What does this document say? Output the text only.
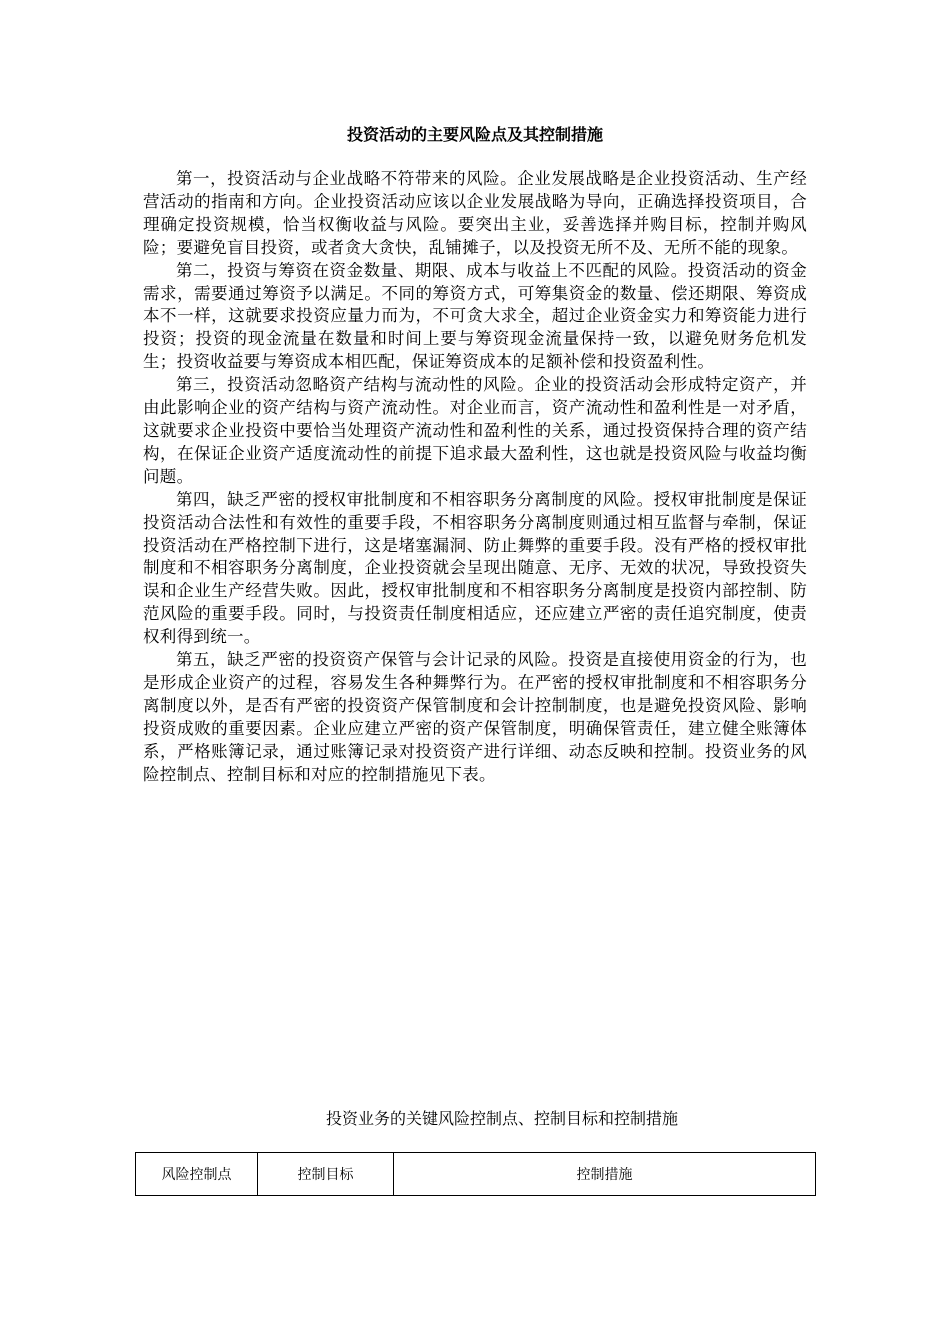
投资活动的主要风险点及其控制措施

第一，投资活动与企业战略不符带来的风险。企业发展战略是企业投资活动、生产经营活动的指南和方向。企业投资活动应该以企业发展战略为导向，正确选择投资项目，合理确定投资规模，恰当权衡收益与风险。要突出主业，妥善选择并购目标，控制并购风险；要避免盲目投资，或者贪大贪快，乱铺摊子，以及投资无所不及、无所不能的现象。

第二，投资与筹资在资金数量、期限、成本与收益上不匹配的风险。投资活动的资金需求，需要通过筹资予以满足。不同的筹资方式，可筹集资金的数量、偿还期限、筹资成本不一样，这就要求投资应量力而为，不可贪大求全，超过企业资金实力和筹资能力进行投资；投资的现金流量在数量和时间上要与筹资现金流量保持一致，以避免财务危机发生；投资收益要与筹资成本相匹配，保证筹资成本的足额补偿和投资盈利性。

第三，投资活动忽略资产结构与流动性的风险。企业的投资活动会形成特定资产，并由此影响企业的资产结构与资产流动性。对企业而言，资产流动性和盈利性是一对矛盾，这就要求企业投资中要恰当处理资产流动性和盈利性的关系，通过投资保持合理的资产结构，在保证企业资产适度流动性的前提下追求最大盈利性，这也就是投资风险与收益均衡问题。

第四，缺乏严密的授权审批制度和不相容职务分离制度的风险。授权审批制度是保证投资活动合法性和有效性的重要手段，不相容职务分离制度则通过相互监督与牵制，保证投资活动在严格控制下进行，这是堵塞漏洞、防止舞弊的重要手段。没有严格的授权审批制度和不相容职务分离制度，企业投资就会呈现出随意、无序、无效的状况，导致投资失误和企业生产经营失败。因此，授权审批制度和不相容职务分离制度是投资内部控制、防范风险的重要手段。同时，与投资责任制度相适应，还应建立严密的责任追究制度，使责权利得到统一。

第五，缺乏严密的投资资产保管与会计记录的风险。投资是直接使用资金的行为，也是形成企业资产的过程，容易发生各种舞弊行为。在严密的授权审批制度和不相容职务分离制度以外，是否有严密的投资资产保管制度和会计控制制度，也是避免投资风险、影响投资成败的重要因素。企业应建立严密的资产保管制度，明确保管责任，建立健全账簿体系，严格账簿记录，通过账簿记录对投资资产进行详细、动态反映和控制。投资业务的风险控制点、控制目标和对应的控制措施见下表。

投资业务的关键风险控制点、控制目标和控制措施
风险控制点	控制目标	控制措施
